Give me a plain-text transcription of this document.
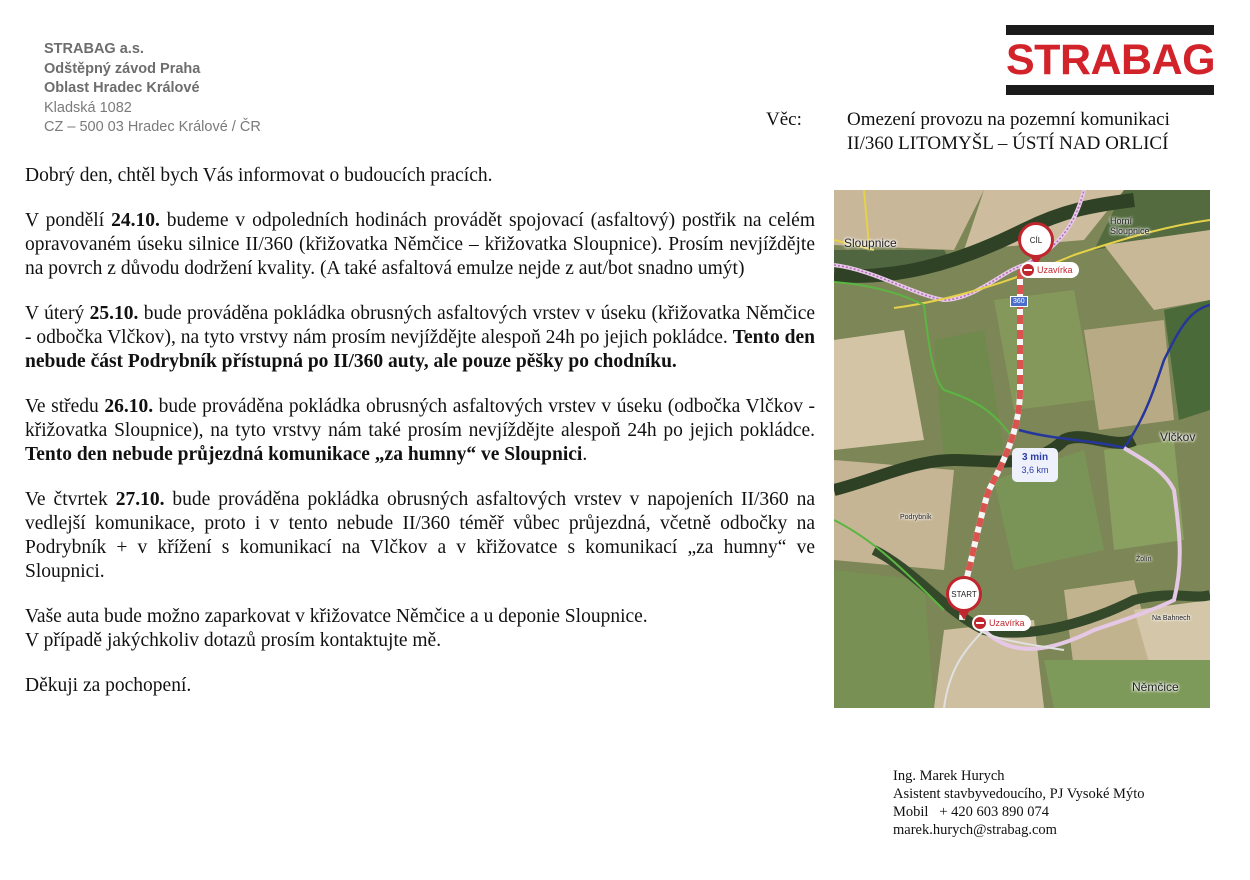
STRABAG a.s.
Odštěpný závod Praha
Oblast Hradec Králové
Kladská 1082
CZ – 500 03 Hradec Králové / ČR
STRABAG
Věc: Omezení provozu na pozemní komunikaci
II/360 LITOMYŠL – ÚSTÍ NAD ORLICÍ

Dobrý den, chtěl bych Vás informovat o budoucích pracích.

V pondělí 24.10. budeme v odpoledních hodinách provádět spojovací (asfaltový) postřik na celém opravovaném úseku silnice II/360 (křižovatka Němčice – křižovatka Sloupnice). Prosím nevjíždějte na povrch z důvodu dodržení kvality. (A také asfaltová emulze nejde z aut/bot snadno umýt)

V úterý 25.10. bude prováděna pokládka obrusných asfaltových vrstev v úseku (křižovatka Němčice - odbočka Vlčkov), na tyto vrstvy nám prosím nevjíždějte alespoň 24h po jejich pokládce. Tento den nebude část Podrybník přístupná po II/360 auty, ale pouze pěšky po chodníku.

Ve středu 26.10. bude prováděna pokládka obrusných asfaltových vrstev v úseku (odbočka Vlčkov - křižovatka Sloupnice), na tyto vrstvy nám také prosím nevjíždějte alespoň 24h po jejich pokládce. Tento den nebude průjezdná komunikace „za humny“ ve Sloupnici.

Ve čtvrtek 27.10. bude prováděna pokládka obrusných asfaltových vrstev v napojeních II/360 na vedlejší komunikace, proto i v tento nebude II/360 téměř vůbec průjezdná, včetně odbočky na Podrybník + v křížení s komunikací na Vlčkov a v křižovatce s komunikací „za humny“ ve Sloupnici.

Vaše auta bude možno zaparkovat v křižovatce Němčice a u deponie Sloupnice.
V případě jakýchkoliv dotazů prosím kontaktujte mě.

Děkuji za pochopení.

Sloupnice
Horní Sloupnice
Vlčkov
Podrybník
Žolín
Na Bahnech
Němčice
360
CÍL
Uzavírka
3 min
3,6 km
START
Uzavírka
Ing. Marek Hurych
Asistent stavbyvedoucího, PJ Vysoké Mýto
Mobil   + 420 603 890 074
marek.hurych@strabag.com
